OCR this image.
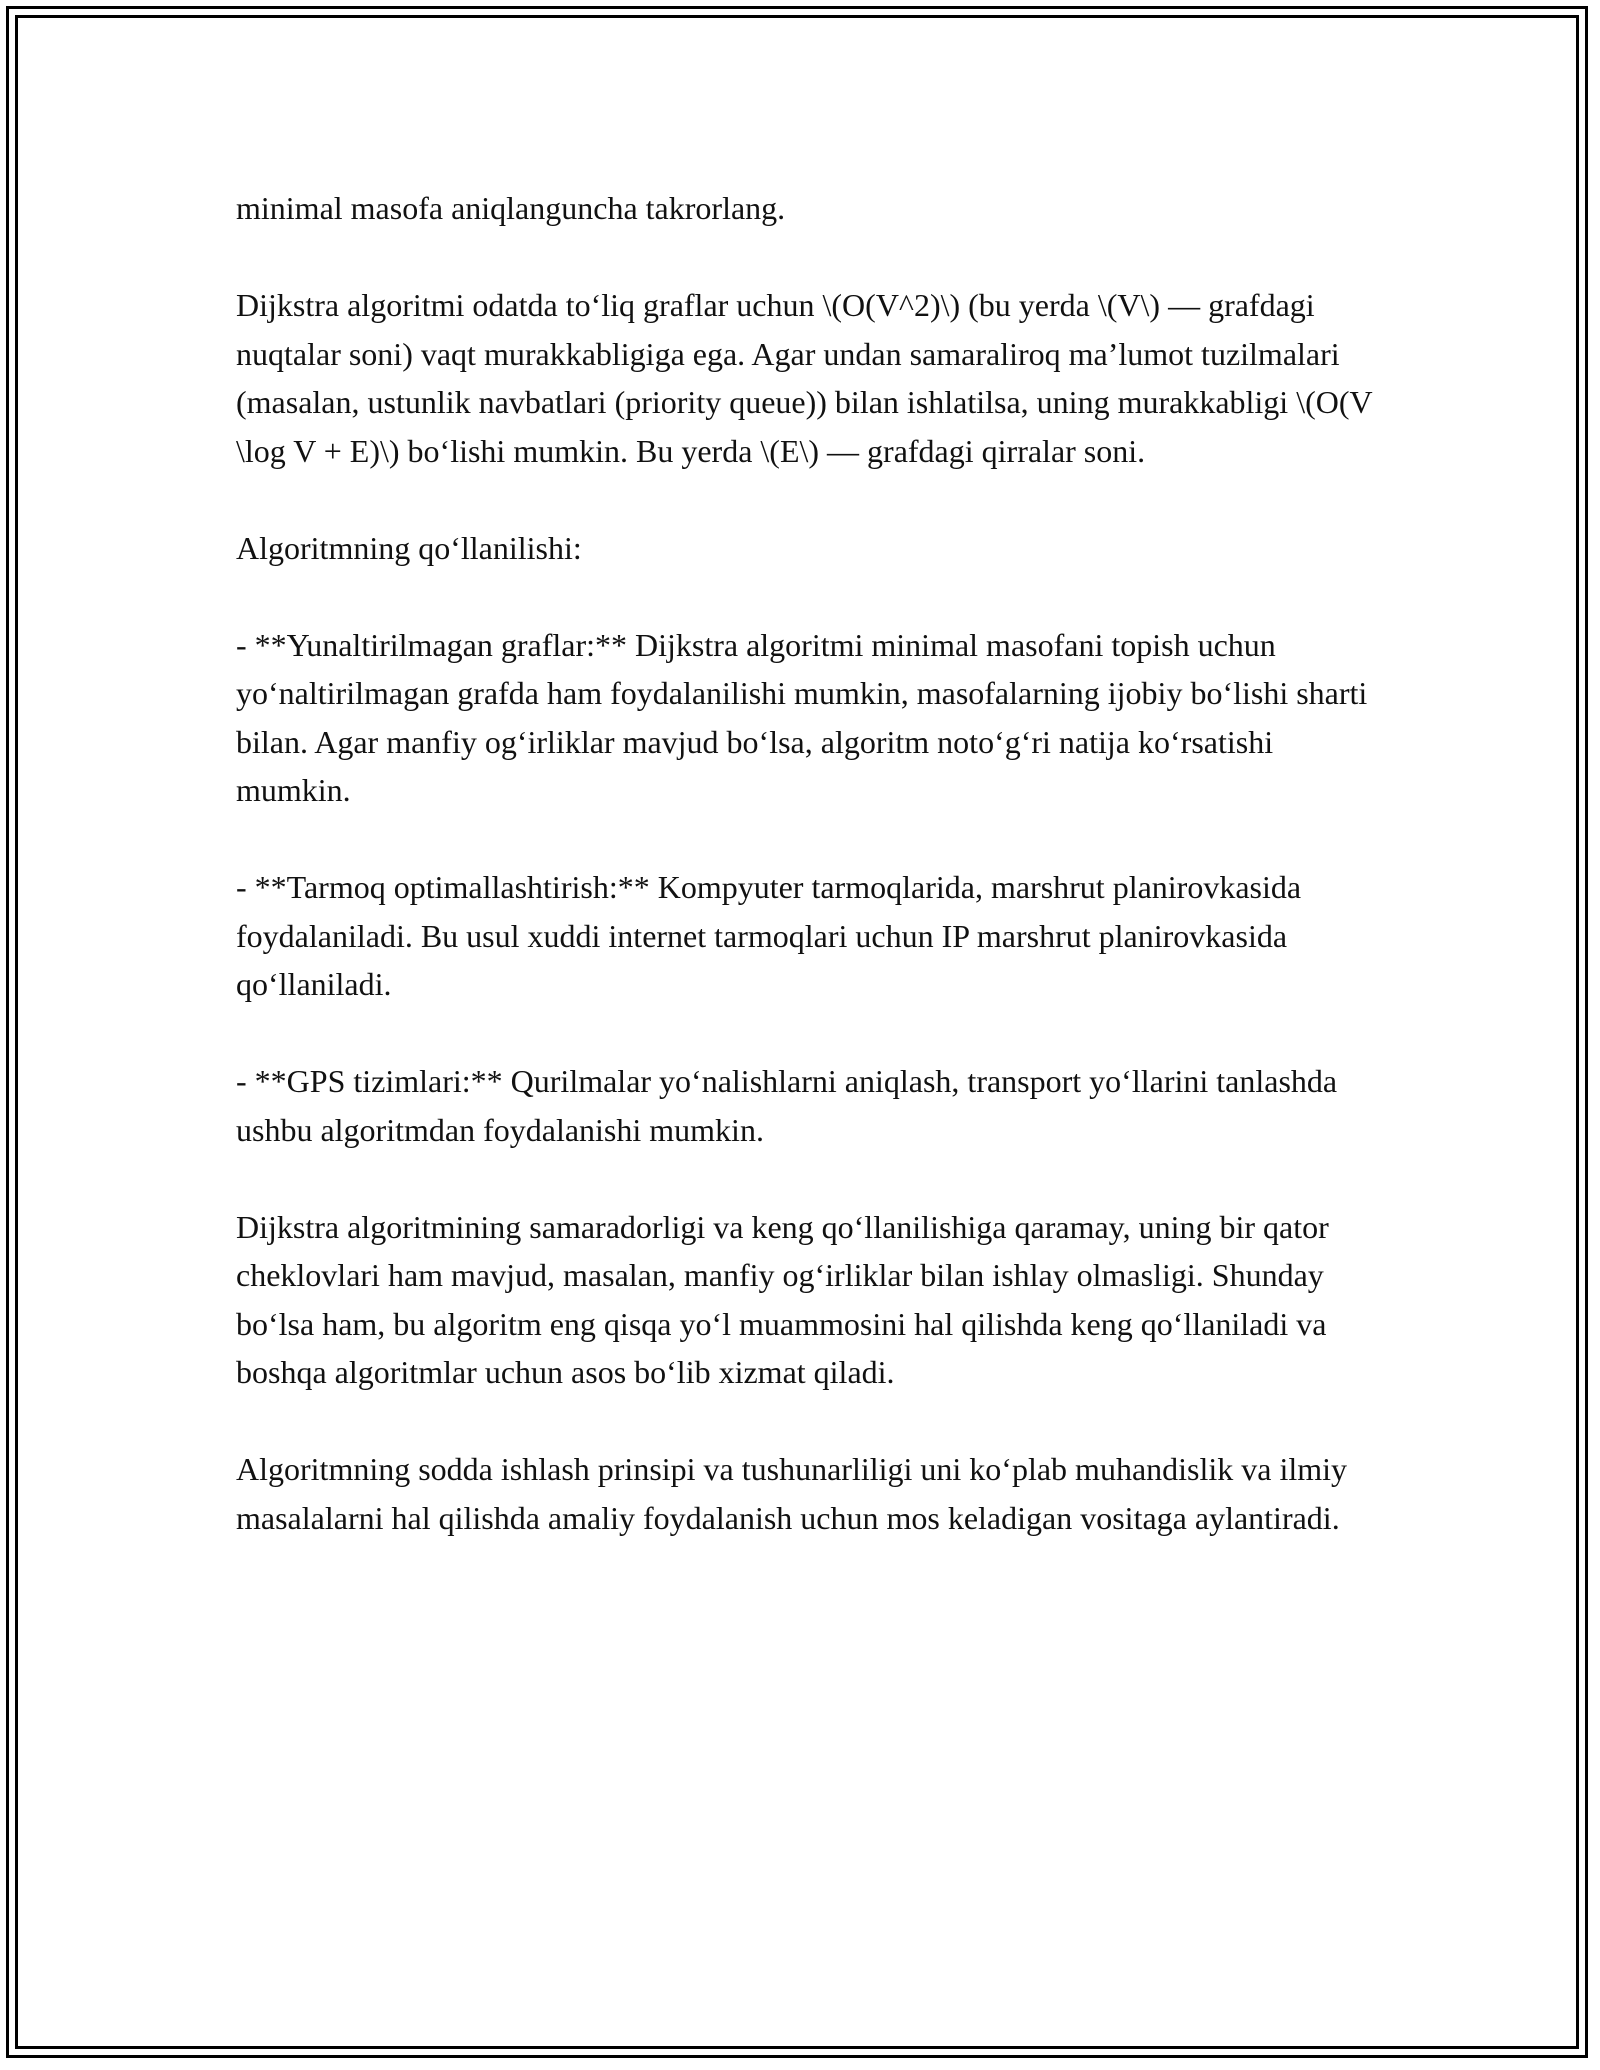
minimal masofa aniqlanguncha takrorlang.

Dijkstra algoritmi odatda to‘liq graflar uchun \(O(V^2)\) (bu yerda \(V\) — grafdagi nuqtalar soni) vaqt murakkabligiga ega. Agar undan samaraliroq ma’lumot tuzilmalari (masalan, ustunlik navbatlari (priority queue)) bilan ishlatilsa, uning murakkabligi \(O(V \log V + E)\) bo‘lishi mumkin. Bu yerda \(E\) — grafdagi qirralar soni.

Algoritmning qo‘llanilishi:

- **Yunaltirilmagan graflar:** Dijkstra algoritmi minimal masofani topish uchun yo‘naltirilmagan grafda ham foydalanilishi mumkin, masofalarning ijobiy bo‘lishi sharti bilan. Agar manfiy og‘irliklar mavjud bo‘lsa, algoritm noto‘g‘ri natija ko‘rsatishi mumkin.

- **Tarmoq optimallashtirish:** Kompyuter tarmoqlarida, marshrut planirovkasida foydalaniladi. Bu usul xuddi internet tarmoqlari uchun IP marshrut planirovkasida qo‘llaniladi.

- **GPS tizimlari:** Qurilmalar yo‘nalishlarni aniqlash, transport yo‘llarini tanlashda ushbu algoritmdan foydalanishi mumkin.

Dijkstra algoritmining samaradorligi va keng qo‘llanilishiga qaramay, uning bir qator cheklovlari ham mavjud, masalan, manfiy og‘irliklar bilan ishlay olmasligi. Shunday bo‘lsa ham, bu algoritm eng qisqa yo‘l muammosini hal qilishda keng qo‘llaniladi va boshqa algoritmlar uchun asos bo‘lib xizmat qiladi.

Algoritmning sodda ishlash prinsipi va tushunarliligi uni ko‘plab muhandislik va ilmiy masalalarni hal qilishda amaliy foydalanish uchun mos keladigan vositaga aylantiradi.
